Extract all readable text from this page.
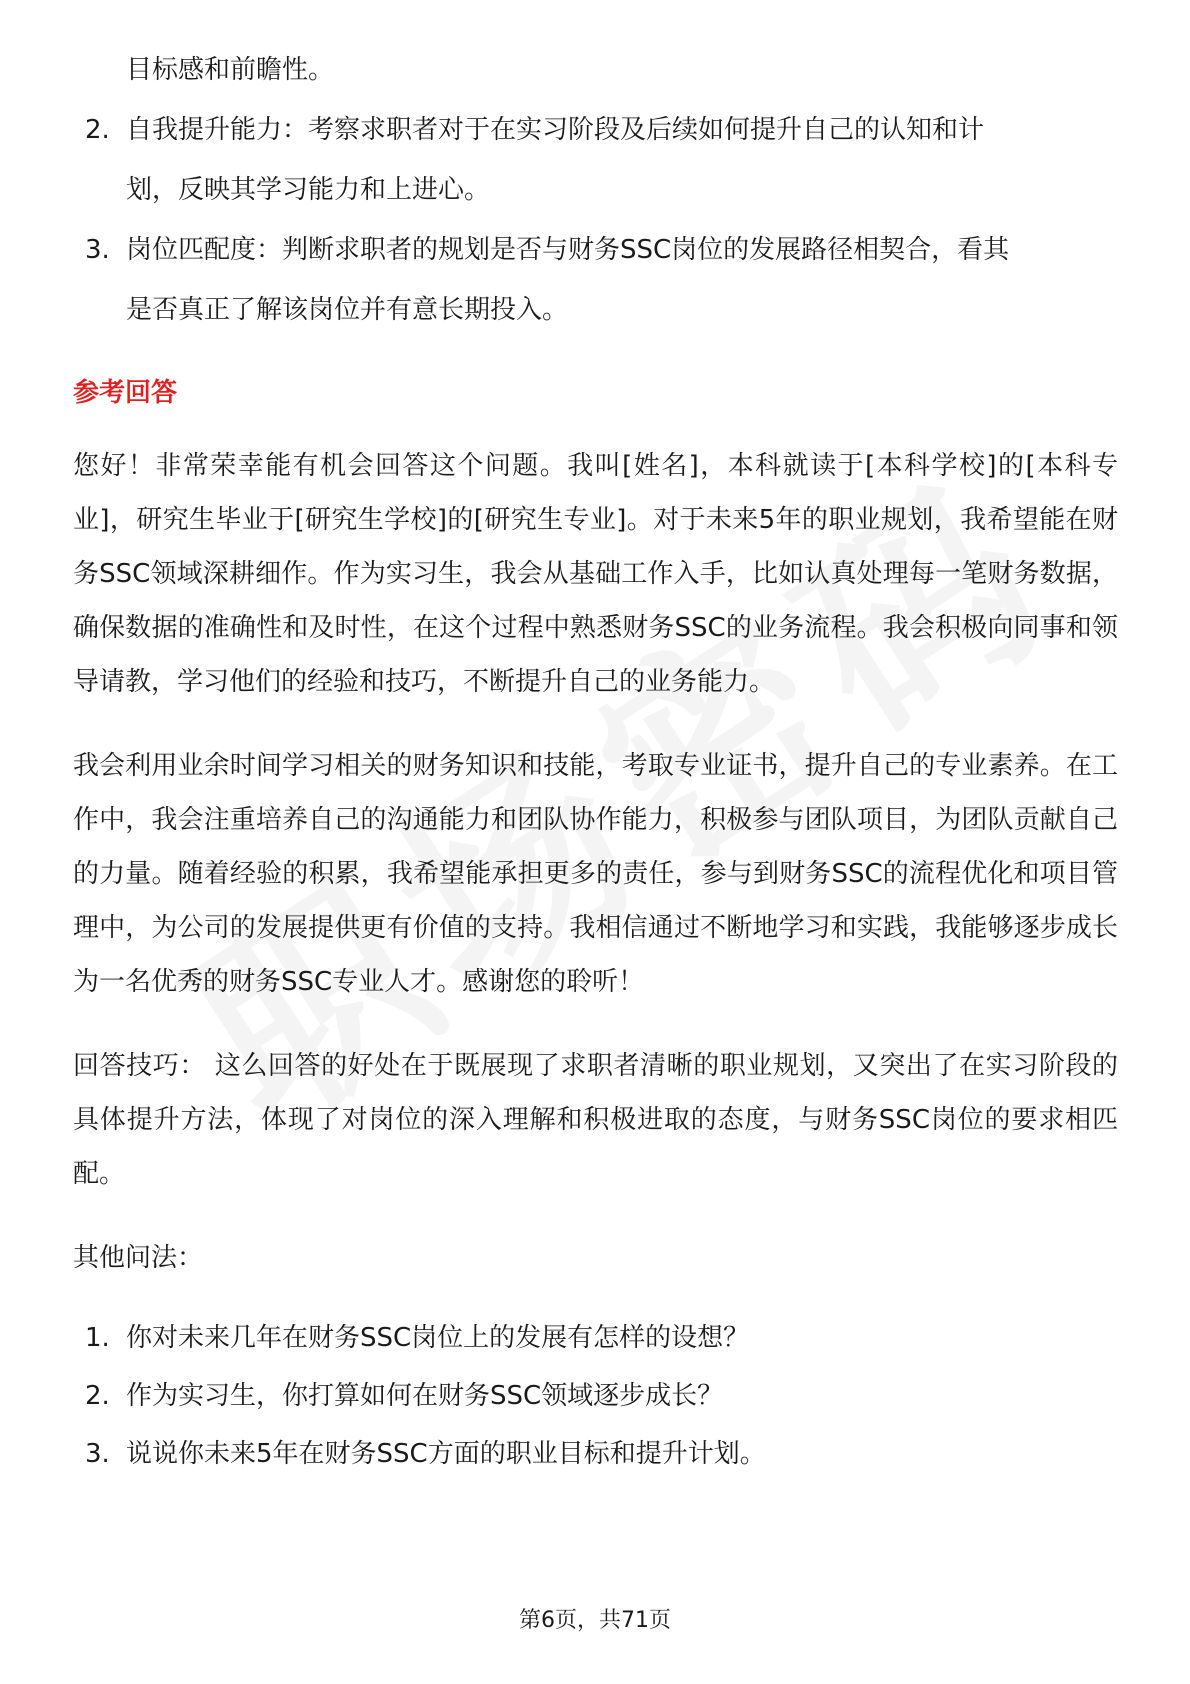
目标感和前瞻性。
2. 自我提升能力：考察求职者对于在实习阶段及后续如何提升自己的认知和计
划，反映其学习能力和上进心。
3. 岗位匹配度：判断求职者的规划是否与财务SSC岗位的发展路径相契合，看其
是否真正了解该岗位并有意长期投入。
参考回答

您好！非常荣幸能有机会回答这个问题。我叫[姓名]，本科就读于[本科学校]的[本科专业]，研究生毕业于[研究生学校]的[研究生专业]。对于未来5年的职业规划，我希望能在财务SSC领域深耕细作。作为实习生，我会从基础工作入手，比如认真处理每一笔财务数据，确保数据的准确性和及时性，在这个过程中熟悉财务SSC的业务流程。我会积极向同事和领导请教，学习他们的经验和技巧，不断提升自己的业务能力。

我会利用业余时间学习相关的财务知识和技能，考取专业证书，提升自己的专业素养。在工作中，我会注重培养自己的沟通能力和团队协作能力，积极参与团队项目，为团队贡献自己的力量。随着经验的积累，我希望能承担更多的责任，参与到财务SSC的流程优化和项目管理中，为公司的发展提供更有价值的支持。我相信通过不断地学习和实践，我能够逐步成长为一名优秀的财务SSC专业人才。感谢您的聆听！

回答技巧： 这么回答的好处在于既展现了求职者清晰的职业规划，又突出了在实习阶段的具体提升方法，体现了对岗位的深入理解和积极进取的态度，与财务SSC岗位的要求相匹配。

其他问法：

1. 你对未来几年在财务SSC岗位上的发展有怎样的设想？
2. 作为实习生，你打算如何在财务SSC领域逐步成长？
3. 说说你未来5年在财务SSC方面的职业目标和提升计划。
第6页，共71页
